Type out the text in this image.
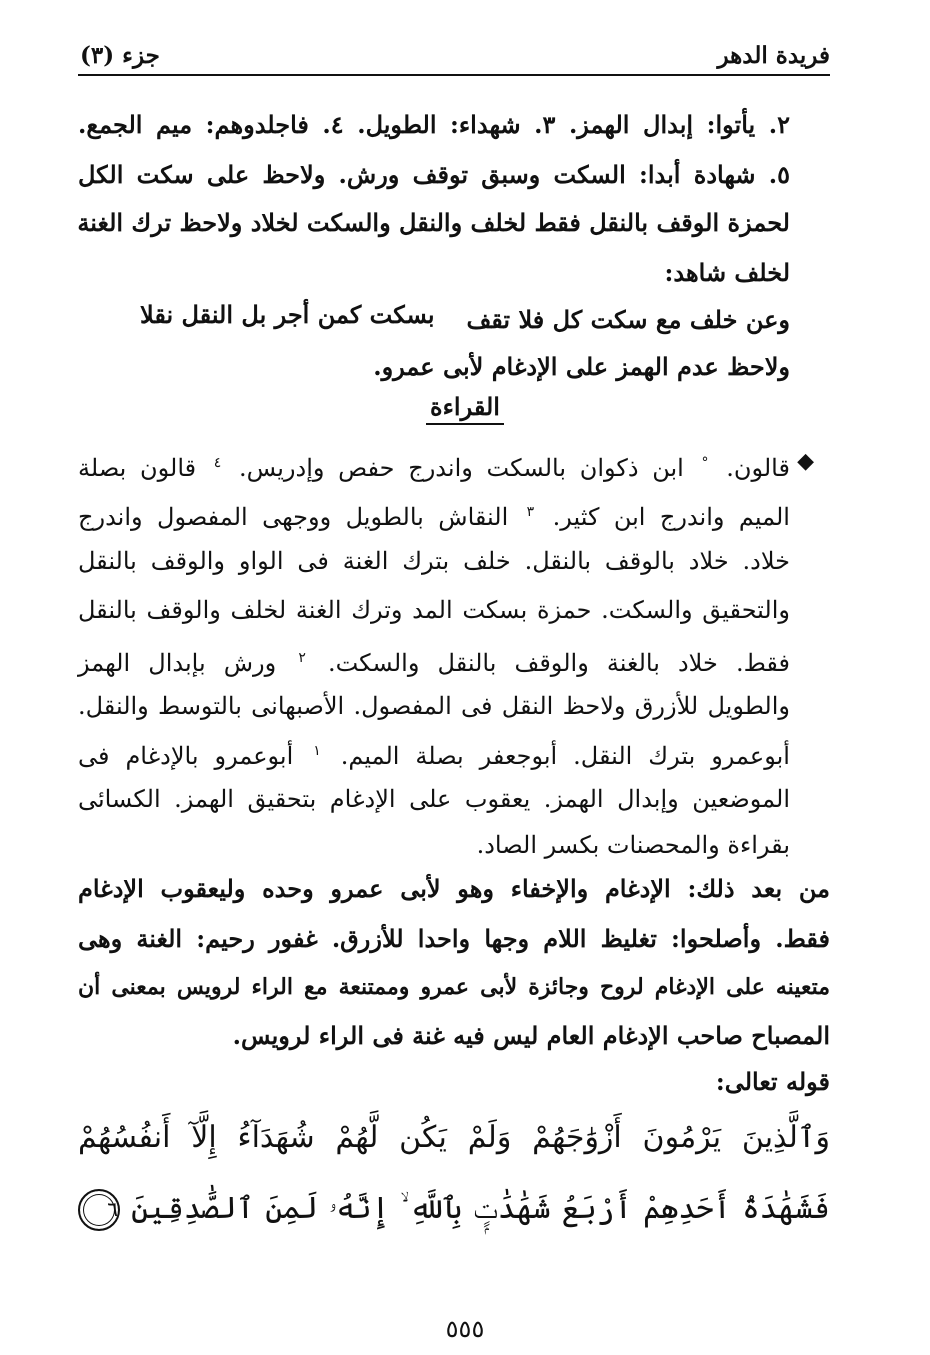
فريدة الدهر
جزء (٣)
٢. يأتوا: إبدال الهمز. ٣. شهداء: الطويل. ٤. فاجلدوهم: ميم الجمع.
٥. شهادة أبدا: السكت وسبق توقف ورش. ولاحظ على سكت الكل
لحمزة الوقف بالنقل فقط لخلف والنقل والسكت لخلاد ولاحظ ترك الغنة
لخلف شاهد:
وعن خلف مع سكت كل فلا تقف
بسكت كمن أجر بل النقل نقلا
ولاحظ عدم الهمز على الإدغام لأبى عمرو.
القراءة
◆
قالون. ° ابن ذكوان بالسكت واندرج حفص وإدريس. $^٤$ قالون بصلة
الميم واندرج ابن كثير. $^٣$ النقاش بالطويل ووجهى المفصول واندرج
خلاد. خلاد بالوقف بالنقل. خلف بترك الغنة فى الواو والوقف بالنقل
والتحقيق والسكت. حمزة بسكت المد وترك الغنة لخلف والوقف بالنقل
فقط. خلاد بالغنة والوقف بالنقل والسكت. $^٢$ ورش بإبدال الهمز
والطويل للأزرق ولاحظ النقل فى المفصول. الأصبهانى بالتوسط والنقل.
أبوعمرو بترك النقل. أبوجعفر بصلة الميم. $^١$ أبوعمرو بالإدغام فى
الموضعين وإبدال الهمز. يعقوب على الإدغام بتحقيق الهمز. الكسائى
بقراءة والمحصنات بكسر الصاد.
من بعد ذلك: الإدغام والإخفاء وهو لأبى عمرو وحده وليعقوب الإدغام
فقط. وأصلحوا: تغليظ اللام وجها واحدا للأزرق. غفور رحيم: الغنة وهى
متعينه على الإدغام لروح وجائزة لأبى عمرو وممتنعة مع الراء لرويس بمعنى أن
المصباح صاحب الإدغام العام ليس فيه غنة فى الراء لرويس.
قوله تعالى:
وَٱلَّذِينَ يَرْمُونَ أَزْوَٰجَهُمْ وَلَمْ يَكُن لَّهُمْ شُهَدَآءُ إِلَّآ أَنفُسُهُمْ
فَشَهَٰدَةُ أَحَدِهِمْ أَرْبَعُ شَهَٰدَٰتٍۭ بِٱللَّهِ ۙ إِنَّهُۥ لَمِنَ ٱلصَّٰدِقِينَ ٦
٥٥٥
